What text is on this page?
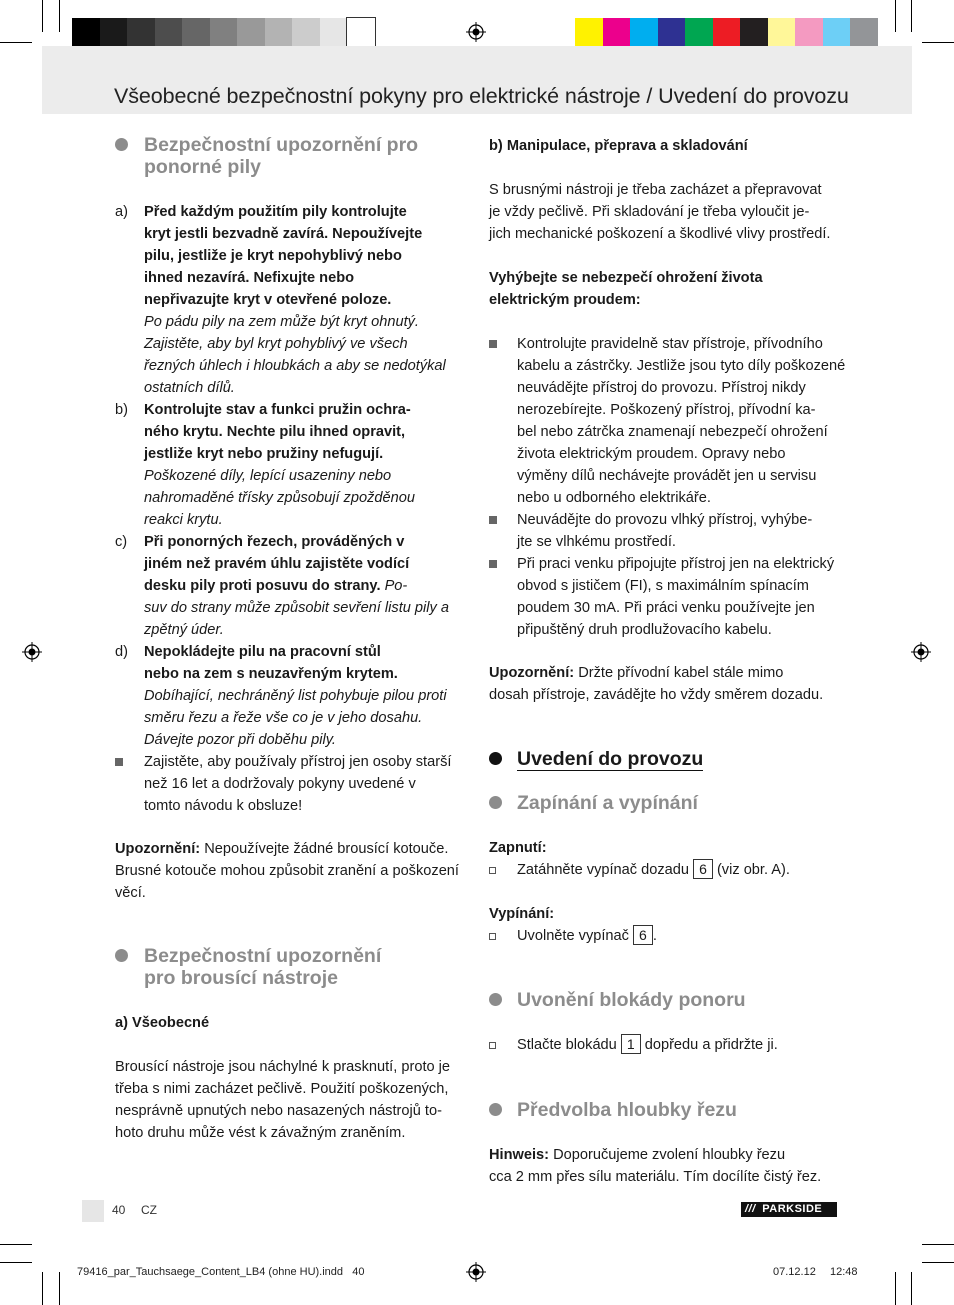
Všeobecné bezpečnostní pokyny pro elektrické nástroje / Uvedení do provozu
Bezpečnostní upozornění pro
ponorné pily
a) Před každým použitím pily kontrolujte
kryt jestli bezvadně zavírá. Nepoužívejte
pilu, jestliže je kryt nepohyblivý nebo
ihned nezavírá. Nefixujte nebo
nepřivazujte kryt v otevřené poloze.
Po pádu pily na zem může být kryt ohnutý.
Zajistěte, aby byl kryt pohyblivý ve všech
řezných úhlech i hloubkách a aby se nedotýkal
ostatních dílů.
b) Kontrolujte stav a funkci pružin ochra-
ného krytu. Nechte pilu ihned opravit,
jestliže kryt nebo pružiny nefugují.
Poškozené díly, lepící usazeniny nebo
nahromaděné třísky způsobují zpožděnou
reakci krytu.
c) Při ponorných řezech, prováděných v
jiném než pravém úhlu zajistěte vodící
desku pily proti posuvu do strany. Po-
suv do strany může způsobit sevření listu pily a
zpětný úder.
d) Nepokládejte pilu na pracovní stůl
nebo na zem s neuzavřeným krytem.
Dobíhající, nechráněný list pohybuje pilou proti
směru řezu a řeže vše co je v jeho dosahu.
Dávejte pozor při doběhu pily.
Zajistěte, aby používaly přístroj jen osoby starší
než 16 let a dodržovaly pokyny uvedené v
tomto návodu k obsluze!
Upozornění: Nepoužívejte žádné brousící kotouče.
Brusné kotouče mohou způsobit zranění a poškození
věcí.
Bezpečnostní upozornění
pro brousící nástroje
a) Všeobecné
Brousící nástroje jsou náchylné k prasknutí, proto je
třeba s nimi zacházet pečlivě. Použití poškozených,
nesprávně upnutých nebo nasazených nástrojů to-
hoto druhu může vést k závažným zraněním.
b) Manipulace, přeprava a skladování
S brusnými nástroji je třeba zacházet a přepravovat
je vždy pečlivě. Při skladování je třeba vyloučit je-
jich mechanické poškození a škodlivé vlivy prostředí.
Vyhýbejte se nebezpečí ohrožení života
elektrickým proudem:
Kontrolujte pravidelně stav přístroje, přívodního
kabelu a zástrčky. Jestliže jsou tyto díly poškozené
neuvádějte přístroj do provozu. Přístroj nikdy
nerozebírejte. Poškozený přístroj, přívodní ka-
bel nebo zátrčka znamenají nebezpečí ohrožení
života elektrickým proudem. Opravy nebo
výměny dílů nechávejte provádět jen u servisu
nebo u odborného elektrikáře.
Neuvádějte do provozu vlhký přístroj, vyhýbe-
jte se vlhkému prostředí.
Při praci venku připojujte přístroj jen na elektrický
obvod s jističem (FI), s maximálním spínacím
poudem 30 mA. Při práci venku používejte jen
připuštěný druh prodlužovacího kabelu.
Upozornění: Držte přívodní kabel stále mimo
dosah přístroje, zavádějte ho vždy směrem dozadu.
Uvedení do provozu
Zapínání a vypínání
Zapnutí:
Zatáhněte vypínač dozadu 6 (viz obr. A).
Vypínání:
Uvolněte vypínač 6 .
Uvonění blokády ponoru
Stlačte blokádu 1 dopředu a přidržte ji.
Předvolba hloubky řezu
Hinweis: Doporučujeme zvolení hloubky řezu
cca 2 mm přes sílu materiálu. Tím docílíte čistý řez.
40 CZ	/// PARKSIDE
79416_par_Tauchsaege_Content_LB4 (ohne HU).indd   40	07.12.12 12:48
